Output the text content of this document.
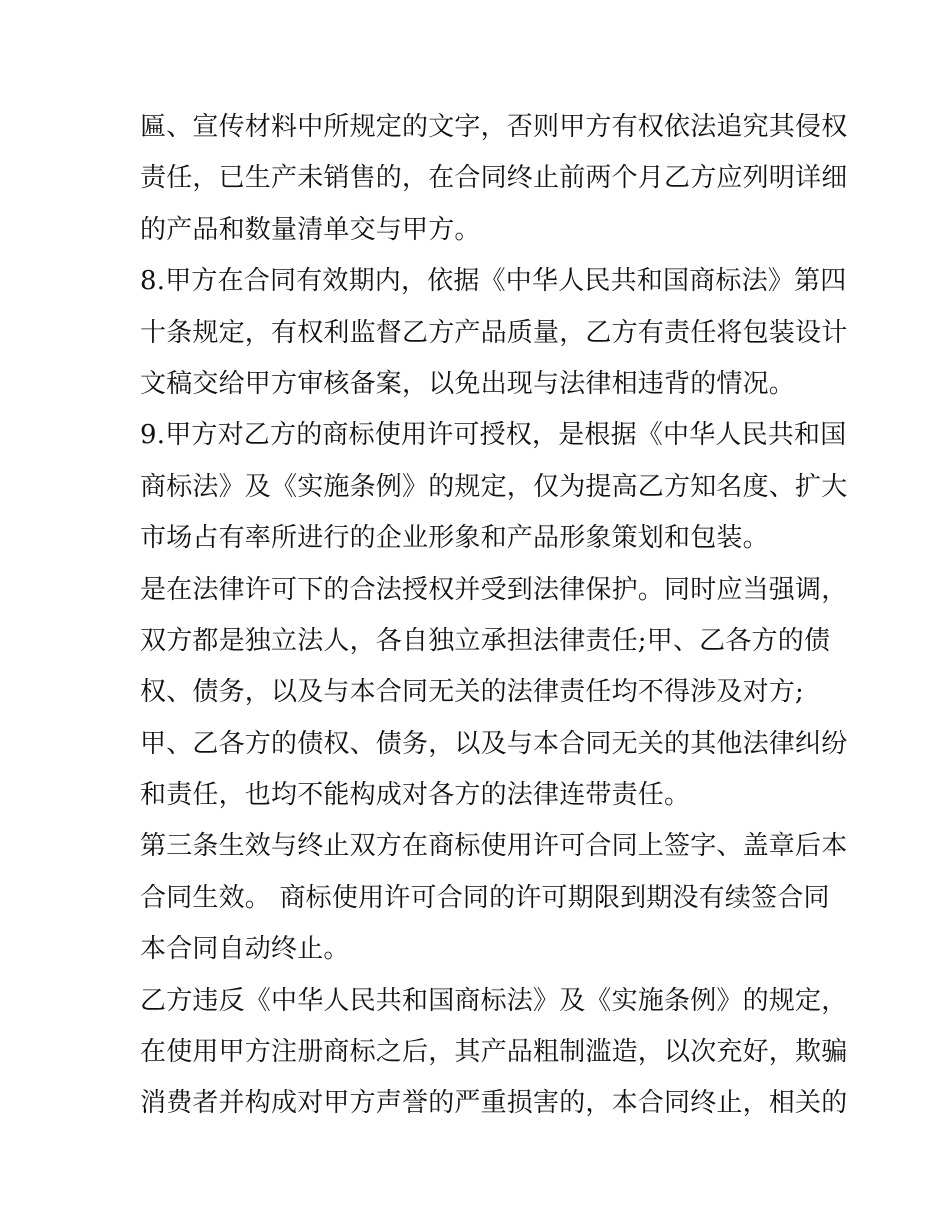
匾、宣传材料中所规定的文字，否则甲方有权依法追究其侵权
责任，已生产未销售的，在合同终止前两个月乙方应列明详细
的产品和数量清单交与甲方。
8.甲方在合同有效期内，依据《中华人民共和国商标法》第四
十条规定，有权利监督乙方产品质量，乙方有责任将包装设计
文稿交给甲方审核备案，以免出现与法律相违背的情况。
9.甲方对乙方的商标使用许可授权，是根据《中华人民共和国
商标法》及《实施条例》的规定，仅为提高乙方知名度、扩大
市场占有率所进行的企业形象和产品形象策划和包装。
是在法律许可下的合法授权并受到法律保护。同时应当强调，
双方都是独立法人，各自独立承担法律责任;甲、乙各方的债
权、债务，以及与本合同无关的法律责任均不得涉及对方;
甲、乙各方的债权、债务，以及与本合同无关的其他法律纠纷
和责任，也均不能构成对各方的法律连带责任。
第三条生效与终止双方在商标使用许可合同上签字、盖章后本
合同生效。 商标使用许可合同的许可期限到期没有续签合同
本合同自动终止。
乙方违反《中华人民共和国商标法》及《实施条例》的规定，
在使用甲方注册商标之后，其产品粗制滥造，以次充好，欺骗
消费者并构成对甲方声誉的严重损害的，本合同终止，相关的
